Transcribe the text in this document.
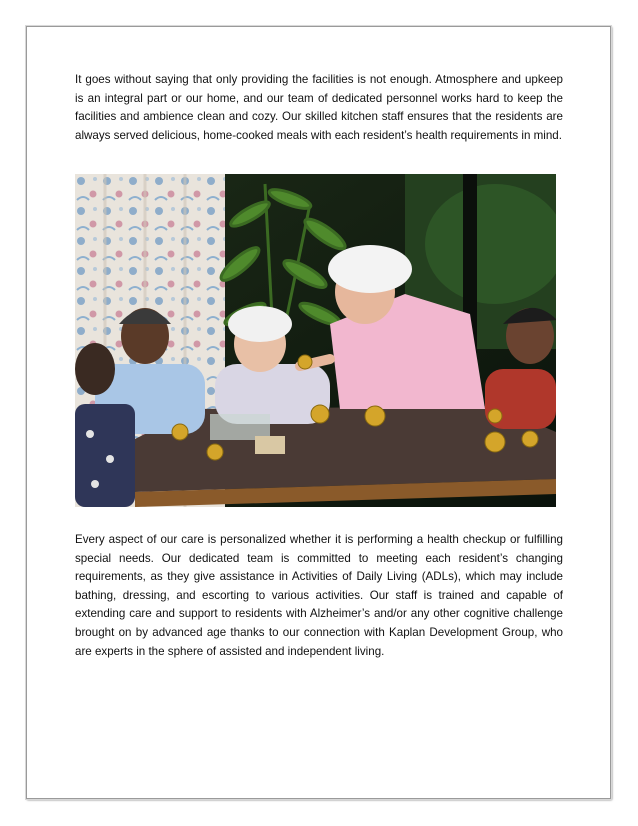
It goes without saying that only providing the facilities is not enough. Atmosphere and upkeep is an integral part or our home, and our team of dedicated personnel works hard to keep the facilities and ambience clean and cozy. Our skilled kitchen staff ensures that the residents are always served delicious, home-cooked meals with each resident’s health requirements in mind.

Every aspect of our care is personalized whether it is performing a health checkup or fulfilling special needs. Our dedicated team is committed to meeting each resident’s changing requirements, as they give assistance in Activities of Daily Living (ADLs), which may include bathing, dressing, and escorting to various activities. Our staff is trained and capable of extending care and support to residents with Alzheimer’s and/or any other cognitive challenge brought on by advanced age thanks to our connection with Kaplan Development Group, who are experts in the sphere of assisted and independent living.
